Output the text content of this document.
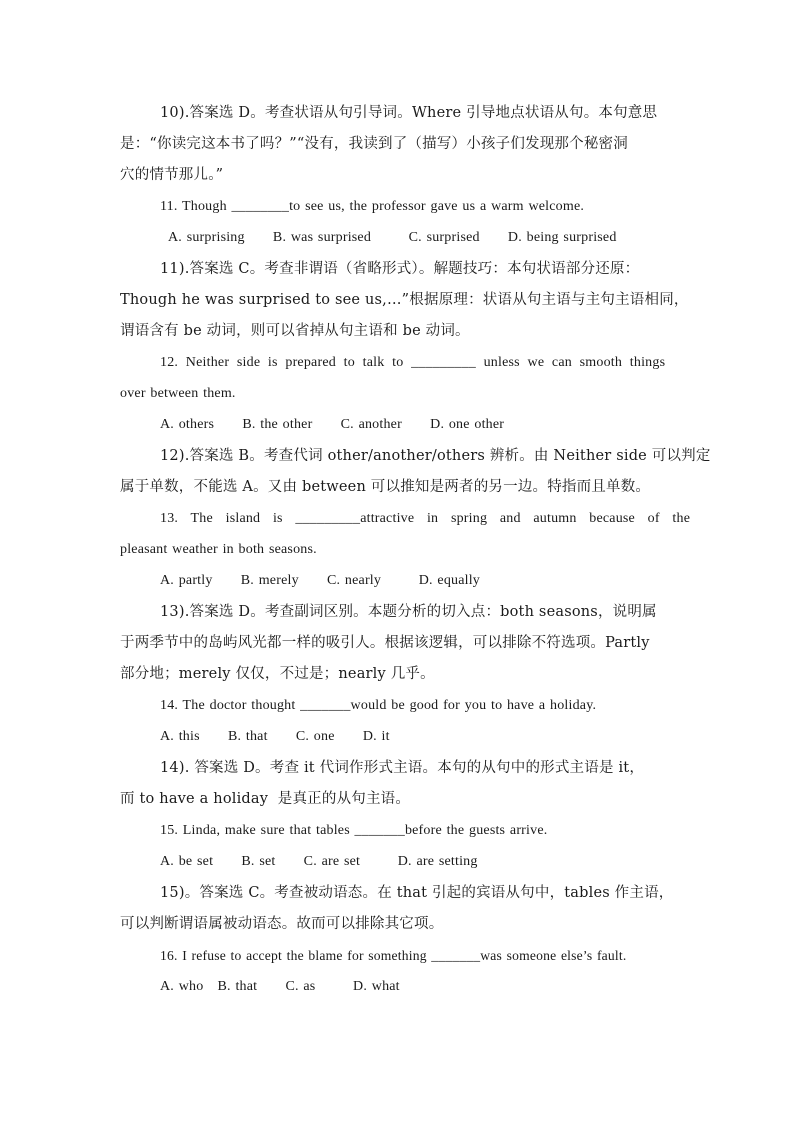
10).答案选 D。考查状语从句引导词。Where 引导地点状语从句。本句意思
是：“你读完这本书了吗？”“没有，我读到了（描写）小孩子们发现那个秘密洞
穴的情节那儿。”
11. Though ________to see us, the professor gave us a warm welcome.
A. surprising      B. was surprised        C. surprised      D. being surprised
11).答案选 C。考查非谓语（省略形式）。解题技巧：本句状语部分还原：
Though he was surprised to see us,…”根据原理：状语从句主语与主句主语相同，
谓语含有 be 动词，则可以省掉从句主语和 be 动词。
12. Neither side is prepared to talk to _________ unless we can smooth things
over between them.
A. others      B. the other      C. another      D. one other
12).答案选 B。考查代词 other/another/others 辨析。由 Neither side 可以判定
属于单数，不能选 A。又由 between 可以推知是两者的另一边。特指而且单数。
13. The island is _________attractive in spring and autumn because of the
pleasant weather in both seasons.
A. partly      B. merely      C. nearly        D. equally
13).答案选 D。考查副词区别。本题分析的切入点：both seasons，说明属
于两季节中的岛屿风光都一样的吸引人。根据该逻辑，可以排除不符选项。Partly
部分地；merely 仅仅，不过是；nearly 几乎。
14. The doctor thought _______would be good for you to have a holiday.
A. this      B. that      C. one      D. it
14). 答案选 D。考查 it 代词作形式主语。本句的从句中的形式主语是 it，
而 to have a holiday  是真正的从句主语。
15. Linda, make sure that tables _______before the guests arrive.
A. be set      B. set      C. are set        D. are setting
15)。答案选 C。考查被动语态。在 that 引起的宾语从句中，tables 作主语，
可以判断谓语属被动语态。故而可以排除其它项。
16. I refuse to accept the blame for something _______was someone else’s fault.
A. who   B. that      C. as        D. what
